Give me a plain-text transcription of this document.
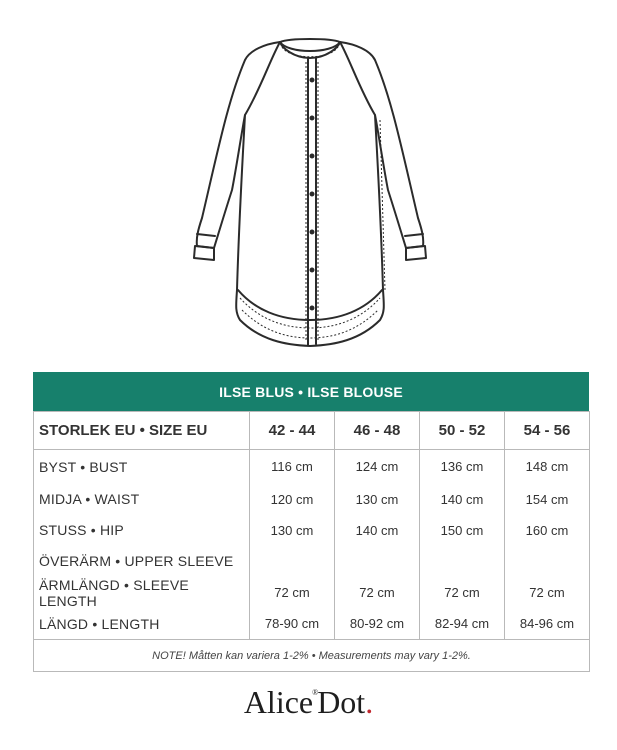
ILSE BLUS • ILSE BLOUSE
STORLEK EU • SIZE EU	42 - 44	46 - 48	50 - 52	54 - 56
BYST • BUST	116 cm	124 cm	136 cm	148 cm
MIDJA • WAIST	120 cm	130 cm	140 cm	154 cm
STUSS • HIP	130 cm	140 cm	150 cm	160 cm
ÖVERÄRM • UPPER SLEEVE				
ÄRMLÄNGD • SLEEVE LENGTH	72 cm	72 cm	72 cm	72 cm
LÄNGD • LENGTH	78-90 cm	80-92 cm	82-94 cm	84-96 cm
NOTE! Måtten kan variera 1-2% • Measurements may vary 1-2%.				
Alice®Dot.
